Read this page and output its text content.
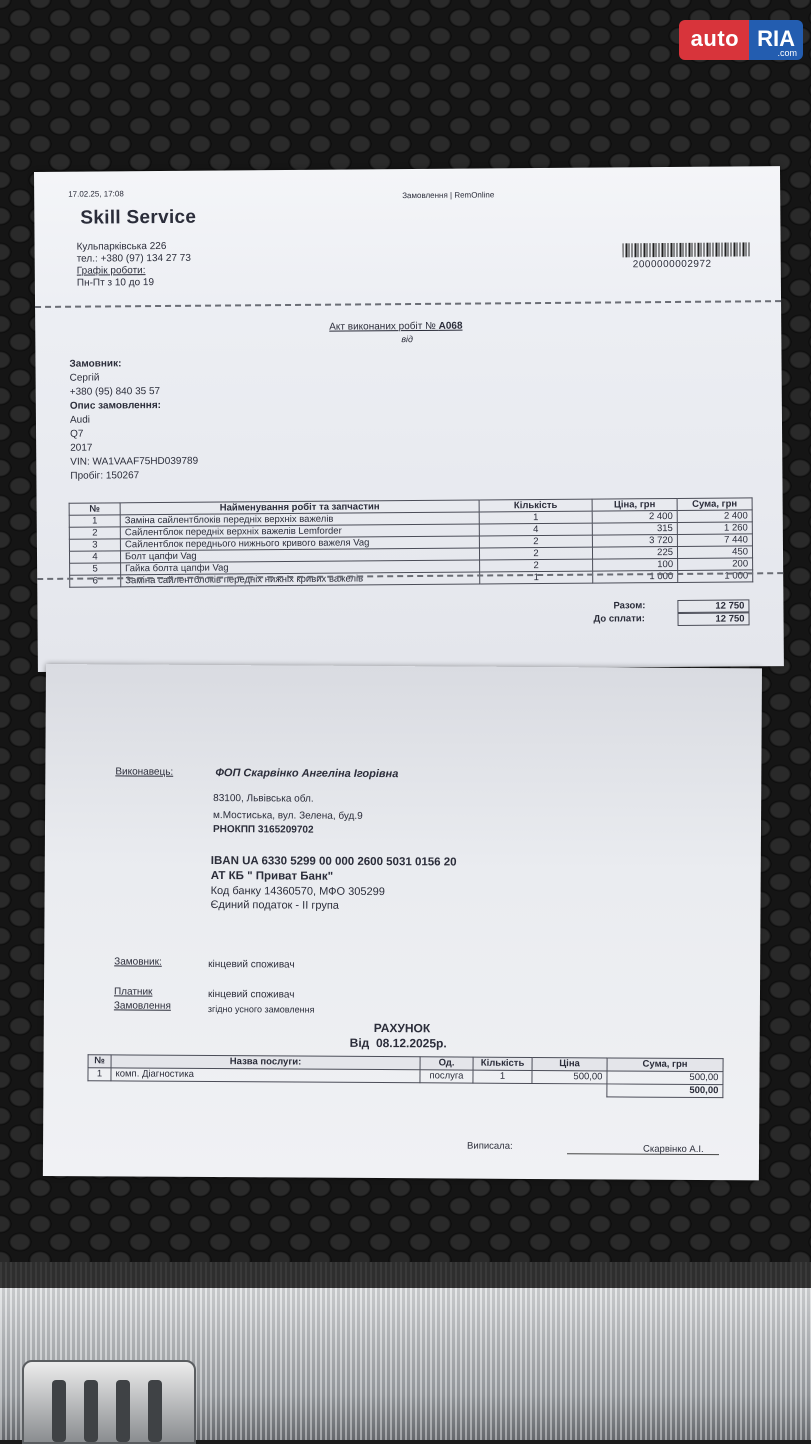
auto RIA
.com
17.02.25, 17:08	Замовлення | RemOnline
Skill Service
Кульпарківська 226
тел.: +380 (97) 134 27 73
Графік роботи:
Пн-Пт з 10 до 19
2000000002972
Акт виконаних робіт № A068
від
Замовник:
Сергій
+380 (95) 840 35 57
Опис замовлення:
Audi
Q7
2017
VIN: WA1VAAF75HD039789
Пробіг: 150267
№	Найменування робіт та запчастин	Кількість	Ціна, грн	Сума, грн
1	Заміна сайлентблоків передніх верхніх важелів	1	2 400	2 400
2	Сайлентблок передніх верхніх важелів Lemforder	4	315	1 260
3	Сайлентблок переднього нижнього кривого важеля Vag	2	3 720	7 440
4	Болт цапфи Vag	2	225	450
5	Гайка болта цапфи Vag	2	100	200
6	Заміна сайлентблоків передніх нижніх кривих важелів	1	1 000	1 000
Разом:	12 750
До сплати:	12 750
Виконавець:	ФОП Скарвінко Ангеліна Ігорівна
83100, Львівська обл.
м.Мостиська, вул. Зелена, буд.9
РНОКПП 3165209702
IBAN UA 6330 5299 00 000 2600 5031 0156 20
АТ КБ " Приват Банк"
Код банку 14360570, МФО 305299
Єдиний податок - II група
Замовник:	кінцевий споживач
Платник	кінцевий споживач
Замовлення	згідно усного замовлення
РАХУНОК
Від 08.12.2025р.
№	Назва послуги:	Од.	Кількість	Ціна	Сума, грн
1	комп. Діагностика	послуга	1	500,00	500,00
					500,00
Виписала:	Скарвінко А.І.
